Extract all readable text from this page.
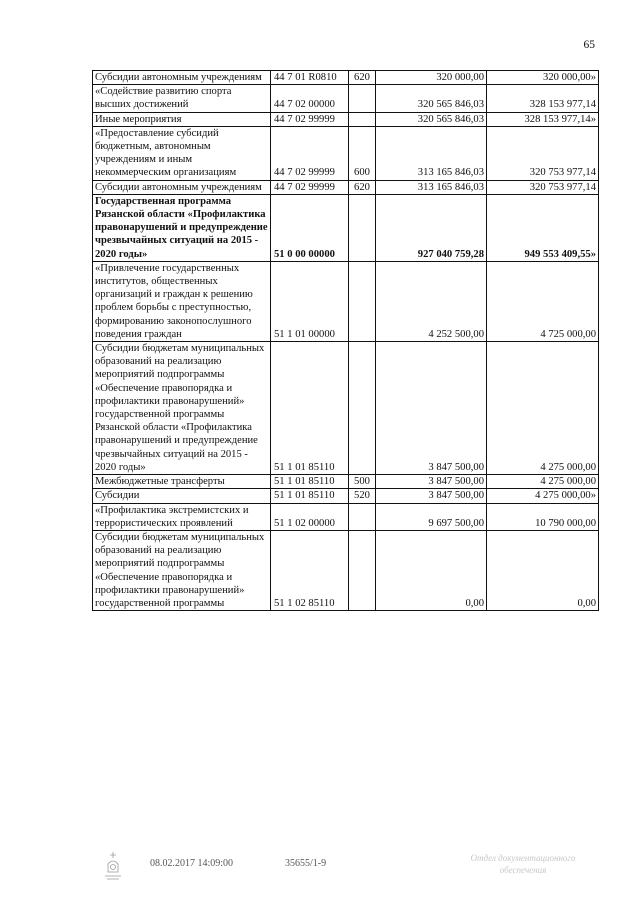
65
Субсидии автономным учреждениям	44 7 01 R0810	620	320 000,00	320 000,00»
«Содействие развитию спорта высших достижений	44 7 02 00000		320 565 846,03	328 153 977,14
Иные мероприятия	44 7 02 99999		320 565 846,03	328 153 977,14»
«Предоставление субсидий бюджетным, автономным учреждениям и иным некоммерческим организациям	44 7 02 99999	600	313 165 846,03	320 753 977,14
Субсидии автономным учреждениям	44 7 02 99999	620	313 165 846,03	320 753 977,14
Государственная программа Рязанской области «Профилактика правонарушений и предупреждение чрезвычайных ситуаций на 2015 - 2020 годы»	51 0 00 00000		927 040 759,28	949 553 409,55»
«Привлечение государственных институтов, общественных организаций и граждан к решению проблем борьбы с преступностью, формированию законопослушного поведения граждан	51 1 01 00000		4 252 500,00	4 725 000,00
Субсидии бюджетам муниципальных образований на реализацию мероприятий подпрограммы «Обеспечение правопорядка и профилактики правонарушений» государственной программы Рязанской области «Профилактика правонарушений и предупреждение чрезвычайных ситуаций на 2015 - 2020 годы»	51 1 01 85110		3 847 500,00	4 275 000,00
Межбюджетные трансферты	51 1 01 85110	500	3 847 500,00	4 275 000,00
Субсидии	51 1 01 85110	520	3 847 500,00	4 275 000,00»
«Профилактика экстремистских и террористических проявлений	51 1 02 00000		9 697 500,00	10 790 000,00
Субсидии бюджетам муниципальных образований на реализацию мероприятий подпрограммы «Обеспечение правопорядка и профилактики правонарушений» государственной программы	51 1 02 85110		0,00	0,00
08.02.2017 14:09:00	35655/1-9	Отдел документационного
обеспечения
